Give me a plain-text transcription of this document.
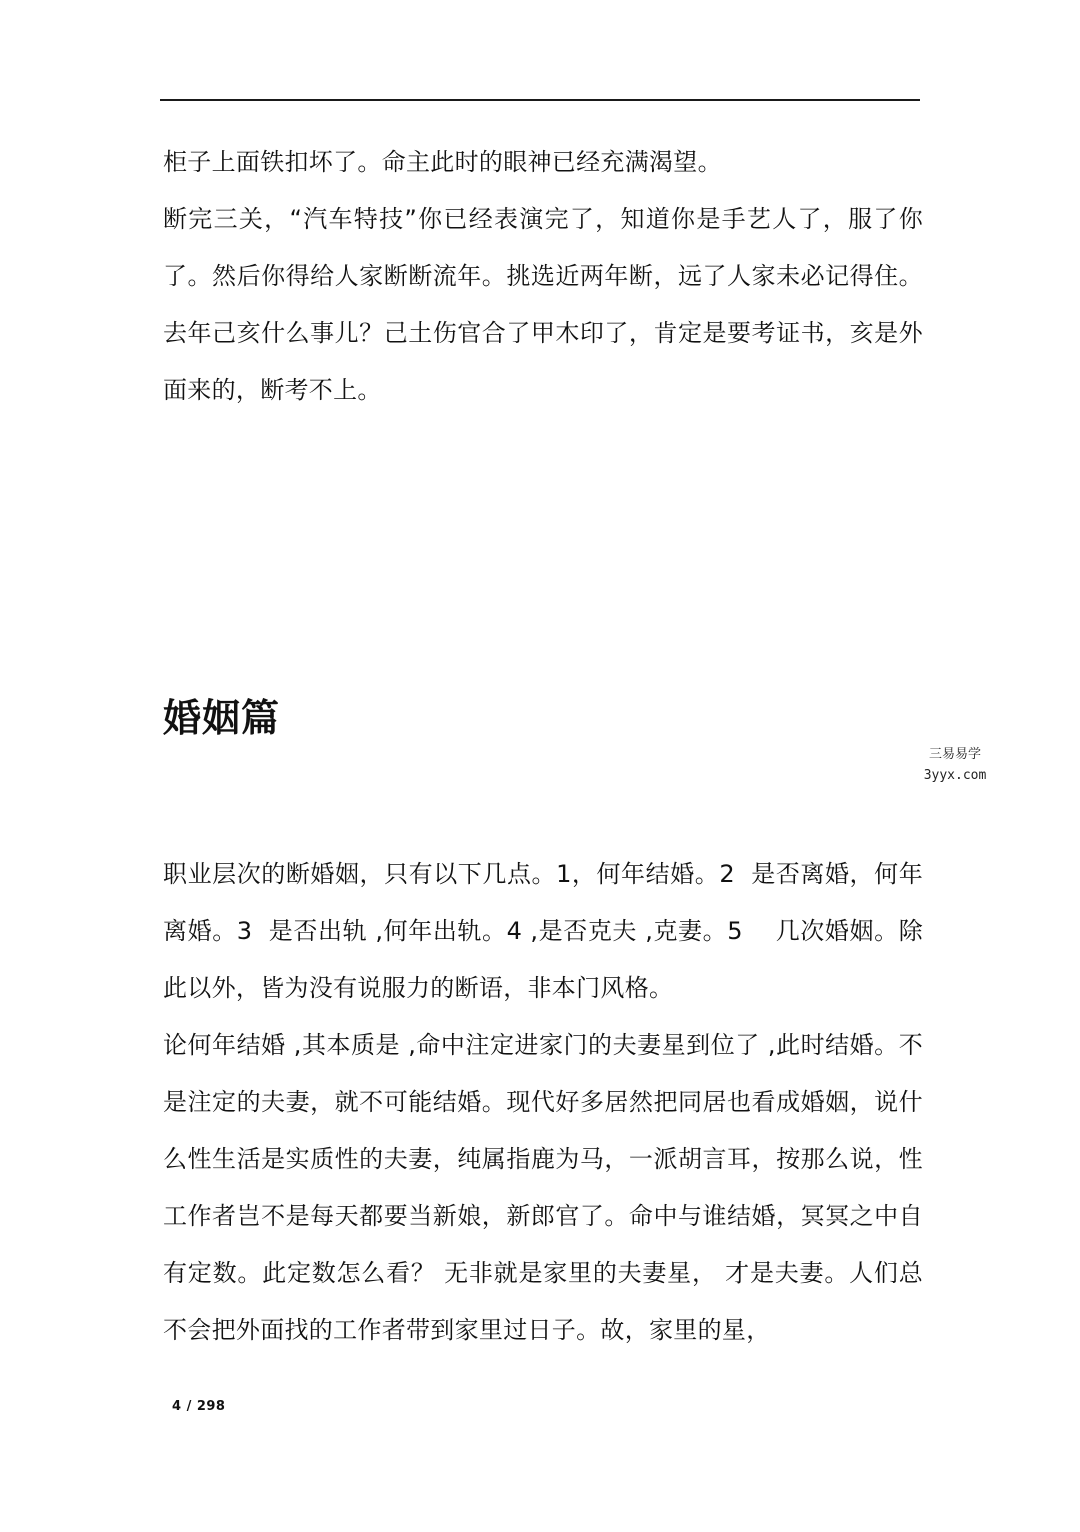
柜子上面铁扣坏了。命主此时的眼神已经充满渴望。

断完三关，“汽车特技”你已经表演完了，知道你是手艺人了，服了你了。然后你得给人家断断流年。挑选近两年断，远了人家未必记得住。去年己亥什么事儿？己土伤官合了甲木印了，肯定是要考证书，亥是外面来的，断考不上。

婚姻篇
三易易学
3yyx.com

职业层次的断婚姻，只有以下几点。1，何年结婚。2  是否离婚，何年离婚。3  是否出轨 ,何年出轨。4 ,是否克夫 ,克妻。5    几次婚姻。除此以外，皆为没有说服力的断语，非本门风格。

论何年结婚 ,其本质是 ,命中注定进家门的夫妻星到位了 ,此时结婚。不是注定的夫妻，就不可能结婚。现代好多居然把同居也看成婚姻，说什么性生活是实质性的夫妻，纯属指鹿为马，一派胡言耳，按那么说，性工作者岂不是每天都要当新娘，新郎官了。命中与谁结婚，冥冥之中自有定数。此定数怎么看？ 无非就是家里的夫妻星， 才是夫妻。人们总不会把外面找的工作者带到家里过日子。故，家里的星，

4 / 298
